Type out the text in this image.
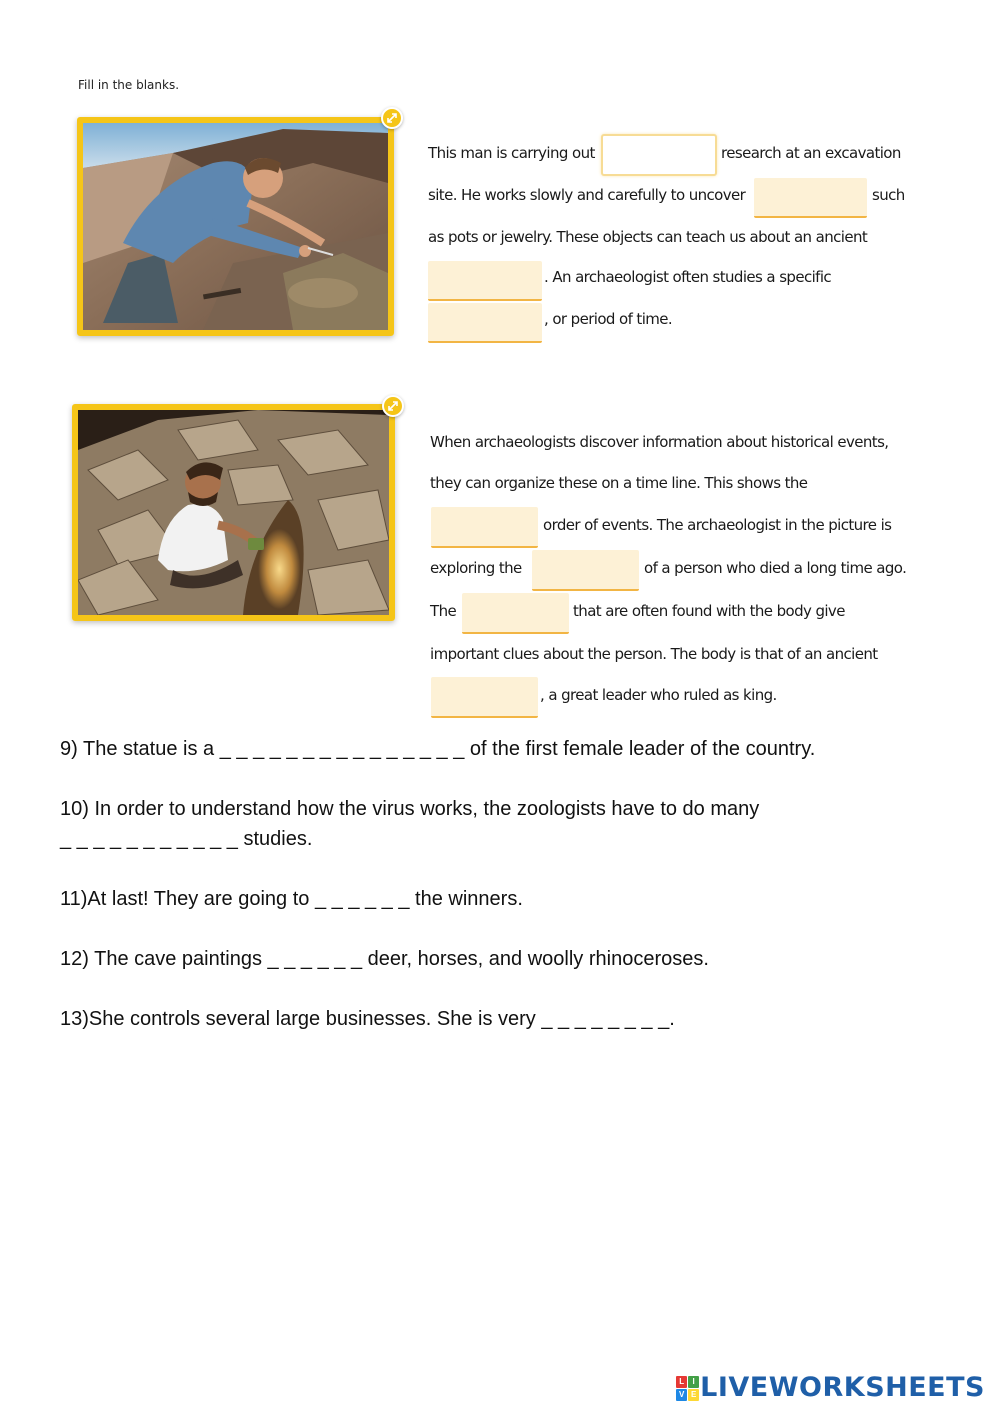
Fill in the blanks.
This man is carrying out	research at an excavation
site. He works slowly and carefully to uncover	such
as pots or jewelry. These objects can teach us about an ancient
. An archaeologist often studies a specific
, or period of time.
When archaeologists discover information about historical events,
they can organize these on a time line. This shows the
order of events. The archaeologist in the picture is
exploring the	of a person who died a long time ago.
The	that are often found with the body give
important clues about the person. The body is that of an ancient
, a great leader who ruled as king.
9) The statue is a _ _ _ _ _ _ _ _ _ _ _ _ _ _ _ of the first female leader of the country.
10) In order to understand how the virus works, the zoologists have to do many
_ _ _ _ _ _ _ _ _ _ _ studies.
11)At last! They are going to _ _ _ _ _ _ the winners.
12) The cave paintings _ _ _ _ _ _ deer, horses, and woolly rhinoceroses.
13)She controls several large businesses. She is very _ _ _ _ _ _ _ _.
L	I
V E LIVEWORKSHEETS
